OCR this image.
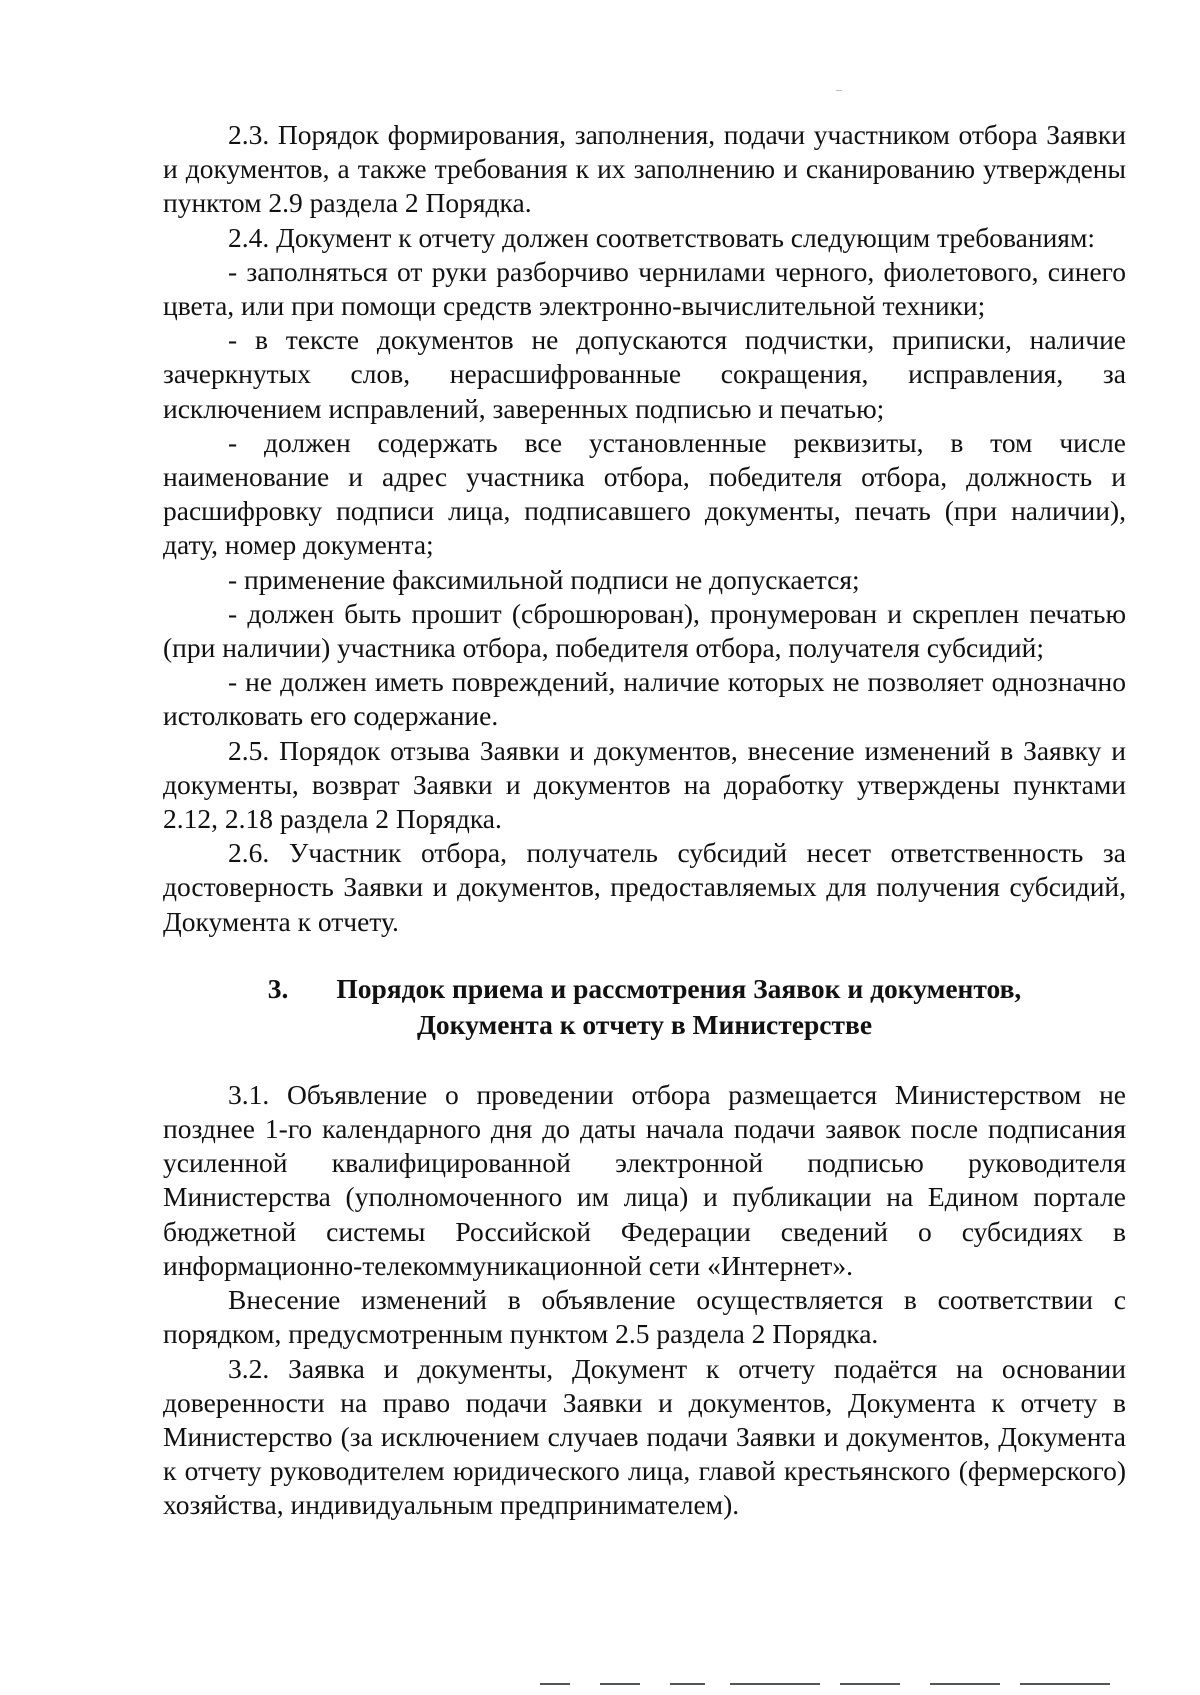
2.3. Порядок формирования, заполнения, подачи участником отбора Заявки и документов, а также требования к их заполнению и сканированию утверждены пунктом 2.9 раздела 2 Порядка.

2.4. Документ к отчету должен соответствовать следующим требованиям:

- заполняться от руки разборчиво чернилами черного, фиолетового, синего цвета, или при помощи средств электронно-вычислительной техники;

- в тексте документов не допускаются подчистки, приписки, наличие зачеркнутых слов, нерасшифрованные сокращения, исправления, за исключением исправлений, заверенных подписью и печатью;

- должен содержать все установленные реквизиты, в том числе наименование и адрес участника отбора, победителя отбора, должность и расшифровку подписи лица, подписавшего документы, печать (при наличии), дату, номер документа;

- применение факсимильной подписи не допускается;

- должен быть прошит (сброшюрован), пронумерован и скреплен печатью (при наличии) участника отбора, победителя отбора, получателя субсидий;

- не должен иметь повреждений, наличие которых не позволяет однозначно истолковать его содержание.

2.5. Порядок отзыва Заявки и документов, внесение изменений в Заявку и документы, возврат Заявки и документов на доработку утверждены пунктами 2.12, 2.18 раздела 2 Порядка.

2.6. Участник отбора, получатель субсидий несет ответственность за достоверность Заявки и документов, предоставляемых для получения субсидий, Документа к отчету.

3. Порядок приема и рассмотрения Заявок и документов,
Документа к отчету в Министерстве

3.1. Объявление о проведении отбора размещается Министерством не позднее 1-го календарного дня до даты начала подачи заявок после подписания усиленной квалифицированной электронной подписью руководителя Министерства (уполномоченного им лица) и публикации на Едином портале бюджетной системы Российской Федерации сведений о субсидиях в информационно-телекоммуникационной сети «Интернет».

Внесение изменений в объявление осуществляется в соответствии с порядком, предусмотренным пунктом 2.5 раздела 2 Порядка.

3.2. Заявка и документы, Документ к отчету подаётся на основании доверенности на право подачи Заявки и документов, Документа к отчету в Министерство (за исключением случаев подачи Заявки и документов, Документа к отчету руководителем юридического лица, главой крестьянского (фермерского) хозяйства, индивидуальным предпринимателем).
